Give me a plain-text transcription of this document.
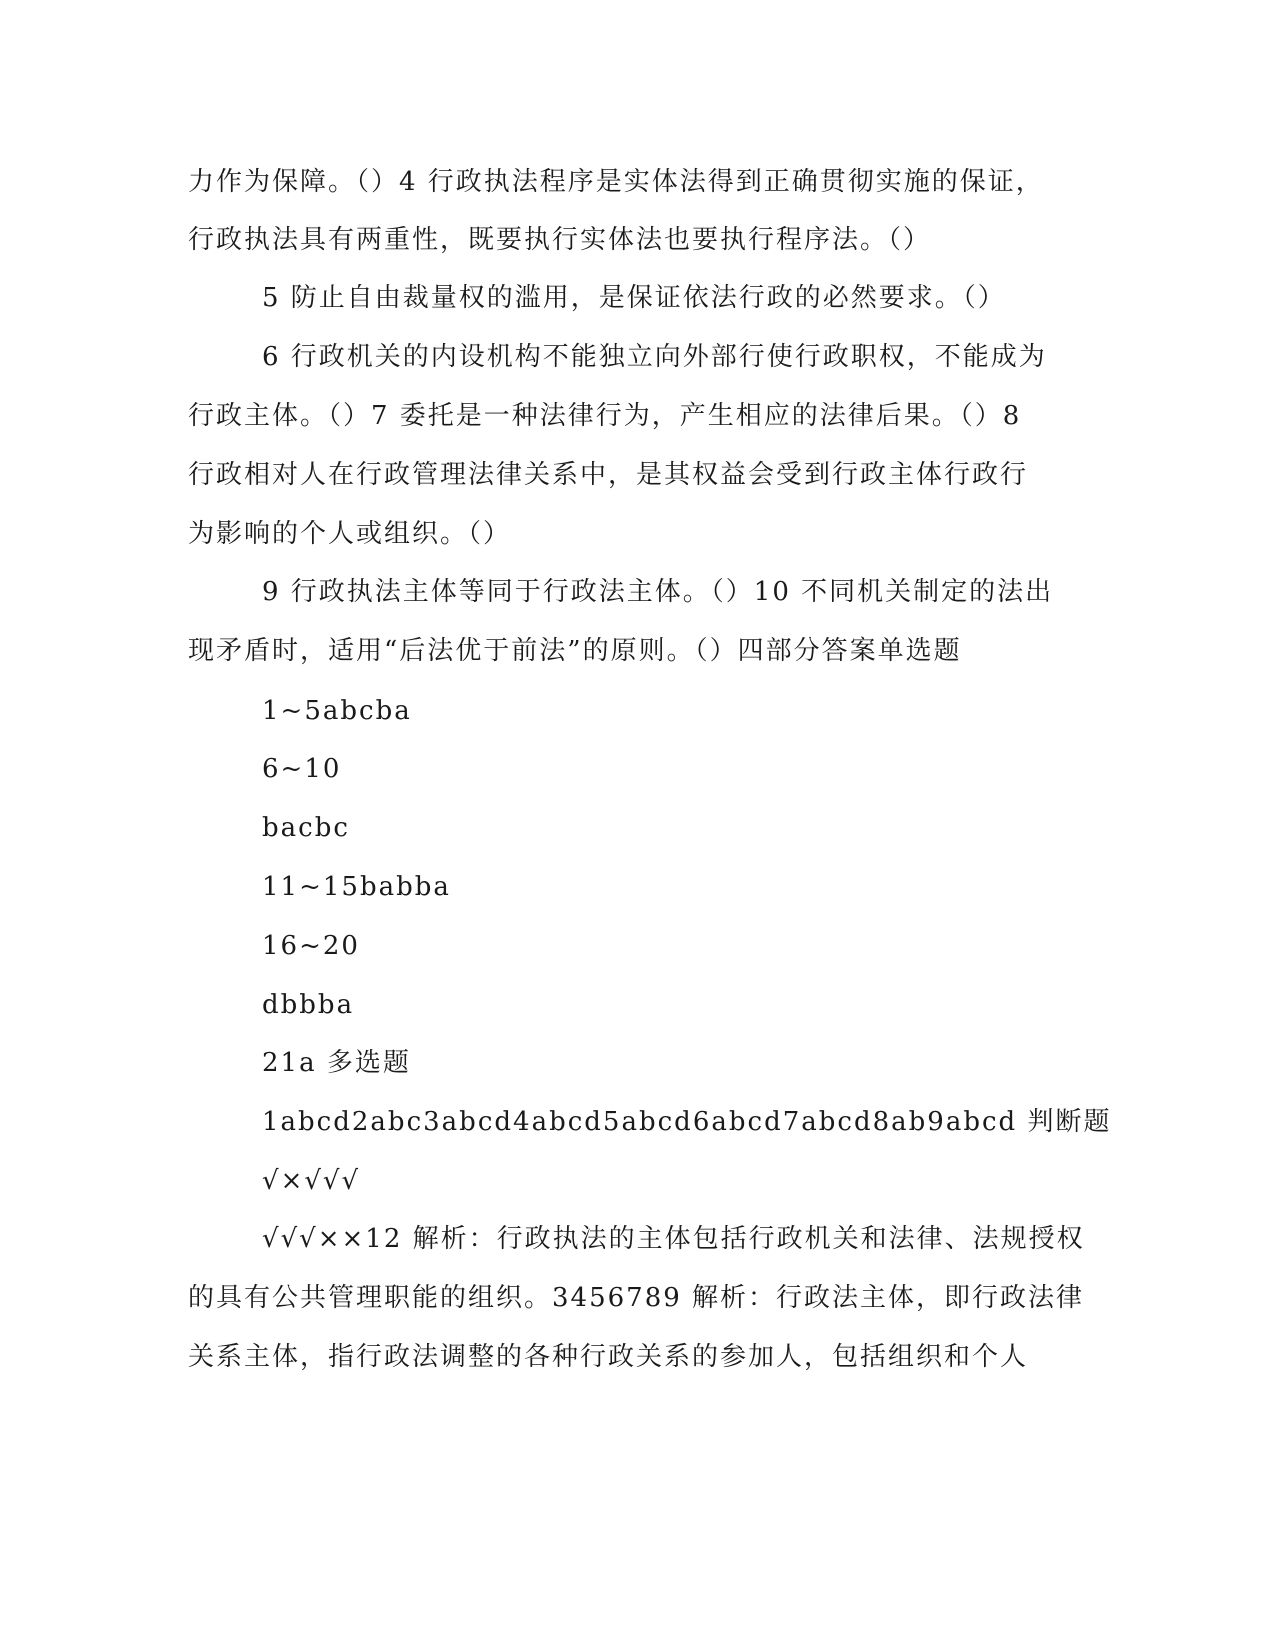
力作为保障。（）4 行政执法程序是实体法得到正确贯彻实施的保证，
行政执法具有两重性，既要执行实体法也要执行程序法。（）
5 防止自由裁量权的滥用，是保证依法行政的必然要求。（）
6 行政机关的内设机构不能独立向外部行使行政职权，不能成为
行政主体。（）7 委托是一种法律行为，产生相应的法律后果。（）8
行政相对人在行政管理法律关系中，是其权益会受到行政主体行政行
为影响的个人或组织。（）
9 行政执法主体等同于行政法主体。（）10 不同机关制定的法出
现矛盾时，适用“后法优于前法”的原则。（）四部分答案单选题
1~5abcba
6~10
bacbc
11~15babba
16~20
dbbba
21a 多选题
1abcd2abc3abcd4abcd5abcd6abcd7abcd8ab9abcd 判断题
√×√√√
√√√××12 解析：行政执法的主体包括行政机关和法律、法规授权
的具有公共管理职能的组织。3456789 解析：行政法主体，即行政法律
关系主体，指行政法调整的各种行政关系的参加人，包括组织和个人
